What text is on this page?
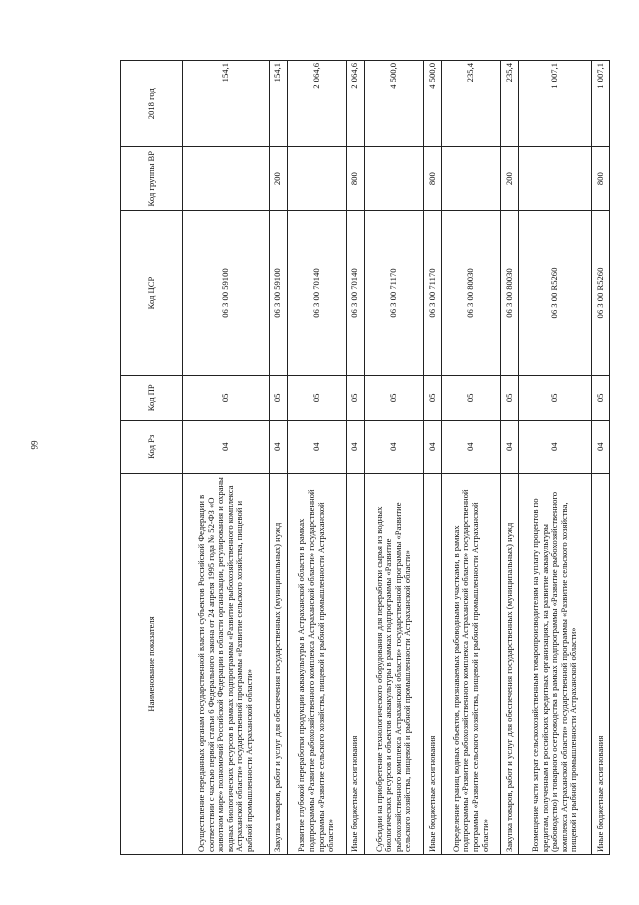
99
Наименование показателя	Код Рз	Код ПР	Код ЦСР	Код группы ВР	2018 год
Осуществление переданных органам государственной власти субъектов Российской Федерации в соответствии с частью первой статьи 6 Федерального закона от 24 апреля 1995 года № 52-ФЗ «О животном мире» полномочий Российской Федерации в области организации, регулирования и охраны водных биологических ресурсов в рамках подпрограммы «Развитие рыбохозяйственного комплекса Астраханской области» государственной программы «Развитие сельского хозяйства, пищевой и рыбной промышленности Астраханской области»	04	05	06 3 00 59100		154,1
Закупка товаров, работ и услуг для обеспечения государственных (муниципальных) нужд	04	05	06 3 00 59100	200	154,1
Развитие глубокой переработки продукции аквакультуры в Астраханской области в рамках подпрограммы «Развитие рыбохозяйственного комплекса Астраханской области» государственной программы «Развитие сельского хозяйства, пищевой и рыбной промышленности Астраханской области»	04	05	06 3 00 70140		2 064,6
Иные бюджетные ассигнования	04	05	06 3 00 70140	800	2 064,6
Субсидии на приобретение технологического оборудования для переработки сырья из водных биологических ресурсов и объектов аквакультуры в рамках подпрограммы «Развитие рыбохозяйственного комплекса Астраханской области» государственной программы «Развитие сельского хозяйства, пищевой и рыбной промышленности Астраханской области»	04	05	06 3 00 71170		4 500,0
Иные бюджетные ассигнования	04	05	06 3 00 71170	800	4 500,0
Определение границ водных объектов, признаваемых рыбоводными участками, в рамках подпрограммы «Развитие рыбохозяйственного комплекса Астраханской области» государственной программы «Развитие сельского хозяйства, пищевой и рыбной промышленности Астраханской области»	04	05	06 3 00 80030		235,4
Закупка товаров, работ и услуг для обеспечения государственных (муниципальных) нужд	04	05	06 3 00 80030	200	235,4
Возмещение части затрат сельскохозяйственным товаропроизводителям на уплату процентов по кредитам, полученным в российских кредитных организациях, на развитие аквакультуры (рыбоводство) и товарного осетроводства в рамках подпрограммы «Развитие рыбохозяйственного комплекса Астраханской области» государственной программы «Развитие сельского хозяйства, пищевой и рыбной промышленности Астраханской области»	04	05	06 3 00 R5260		1 007,1
Иные бюджетные ассигнования	04	05	06 3 00 R5260	800	1 007,1
